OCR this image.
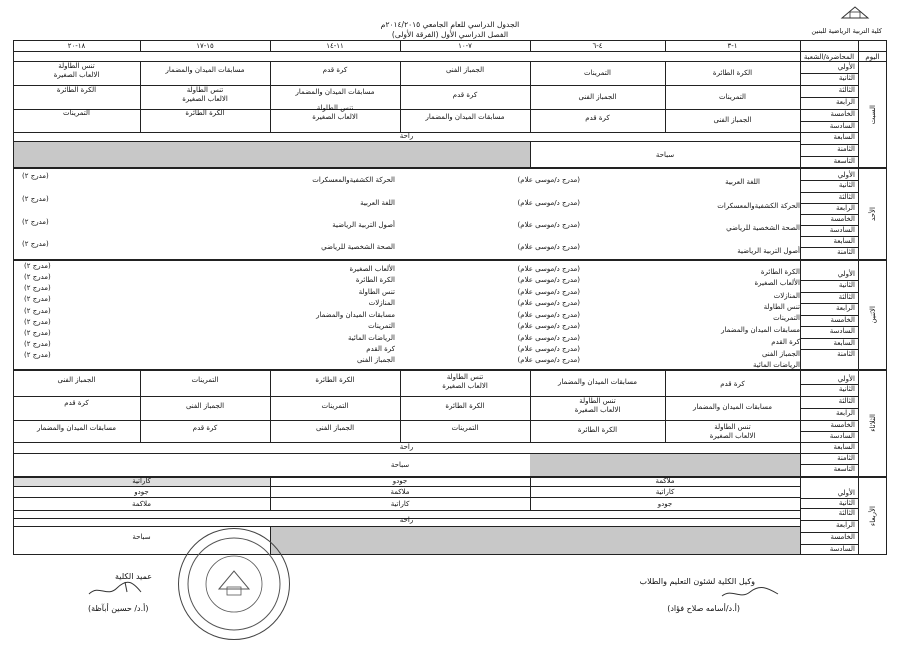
كلية التربية الرياضية للبنين
الجدول الدراسي للعام الجامعي ٢٠١٤/٢٠١٥م
الفصل الدراسي الأول (الفرقة الأولى)
اليوم
المحاضرة/الشعبة
١-٣
٤-٦
٧-١٠
١١-١٤
١٥-١٧
١٨-٢٠
السبت
الأحد
الاثنين
الثلاثاء
الأربعاء
الأولي
الثانية
الثالثة
الرابعة
الخامسة
السادسة
السابعة
الثامنة
التاسعة
الكرة الطائرة
التمرينات
الجمباز الفنى
كرة قدم
مسابقات الميدان والمضمار
تنس الطاولة
الالعاب الصغيرة
التمرينات
الجمباز الفنى
كرة قدم
مسابقات الميدان والمضمار
تنس الطاولة
الالعاب الصغيرة
الكرة الطائرة
الجمباز الفنى
كرة قدم
مسابقات الميدان والمضمار
تنس الطاولة
الالعاب الصغيرة
الكرة الطائرة
التمرينات
راحة
سباحة
الأولي
الثانية
الثالثة
الرابعة
الخامسة
السادسة
السابعة
الثامنة
اللغة العربية
(مدرج د/موسى علام)
الحركة الكشفيةوالمعسكرات
(مدرج ٢)
الحركة الكشفيةوالمعسكرات
(مدرج د/موسى علام)
اللغة العربية
(مدرج ٢)
الصحة الشخصية للرياضي
(مدرج د/موسى علام)
أصول التربية الرياضية
(مدرج ٢)
أصول التربية الرياضية
(مدرج د/موسى علام)
الصحة الشخصية للرياضي
(مدرج ٢)
الأولي
الثانية
الثالثة
الرابعة
الخامسة
السادسة
السابعة
الثامنة
الكرة الطائرة
(مدرج د/موسى علام)
الألعاب الصغيرة
(مدرج ٢)
الألعاب الصغيرة
(مدرج د/موسى علام)
الكرة الطائرة
(مدرج ٢)
المنازلات
(مدرج د/موسى علام)
تنس الطاولة
(مدرج ٢)
تنس الطاولة
(مدرج د/موسى علام)
المنازلات
(مدرج ٢)
التمرينات
(مدرج د/موسى علام)
مسابقات الميدان والمضمار
(مدرج ٢)
مسابقات الميدان والمضمار
(مدرج د/موسى علام)
التمرينات
(مدرج ٢)
كرة القدم
(مدرج د/موسى علام)
الرياضات المائية
(مدرج ٢)
الجمباز الفنى
(مدرج د/موسى علام)
كرة القدم
(مدرج ٢)
الرياضات المائية
(مدرج د/موسى علام)
الجمباز الفنى
(مدرج ٢)
الأولي
الثانية
الثالثة
الرابعة
الخامسة
السادسة
السابعة
الثامنة
التاسعة
كرة قدم
مسابقات الميدان والمضمار
تنس الطاولة
الالعاب الصغيرة
الكرة الطائرة
التمرينات
الجمباز الفنى
مسابقات الميدان والمضمار
تنس الطاولة
الالعاب الصغيرة
الكرة الطائرة
التمرينات
الجمباز الفنى
كرة قدم
تنس الطاولة
الالعاب الصغيرة
الكرة الطائرة
التمرينات
الجمباز الفنى
كرة قدم
مسابقات الميدان والمضمار
راحة
سباحة
الأولي
الثانية
الثالثة
الرابعة
الخامسة
السادسة
ملاكمة
جودو
كاراتية
كاراتية
ملاكمة
جودو
جودو
كاراتية
ملاكمة
راحة
سباحة
وكيل الكلية لشئون التعليم والطلاب
(أ.د/أسامه صلاح فؤاد)
عميد الكلية
(أ.د/ حسين أبآظة)
